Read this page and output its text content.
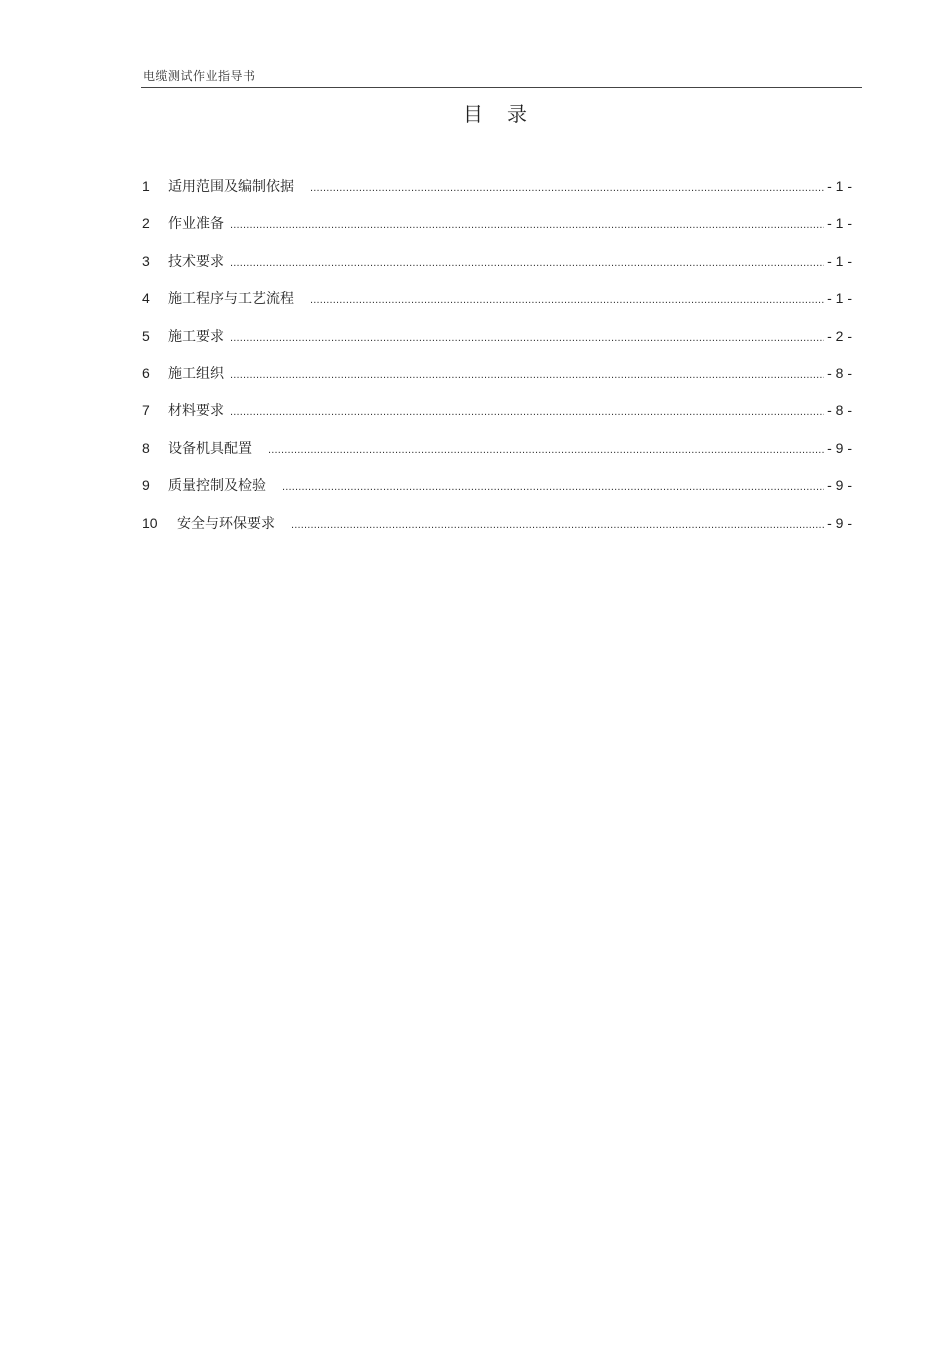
电缆测试作业指导书
目 录
1	适用范围及编制依据 .....	- 1 -
2	作业准备 .....	- 1 -
3	技术要求 .....	- 1 -
4	施工程序与工艺流程 .....	- 1 -
5	施工要求 .....	- 2 -
6	施工组织 .....	- 8 -
7	材料要求 .....	- 8 -
8	设备机具配置 .....	- 9 -
9	质量控制及检验 .....	- 9 -
10	安全与环保要求 .....	- 9 -
